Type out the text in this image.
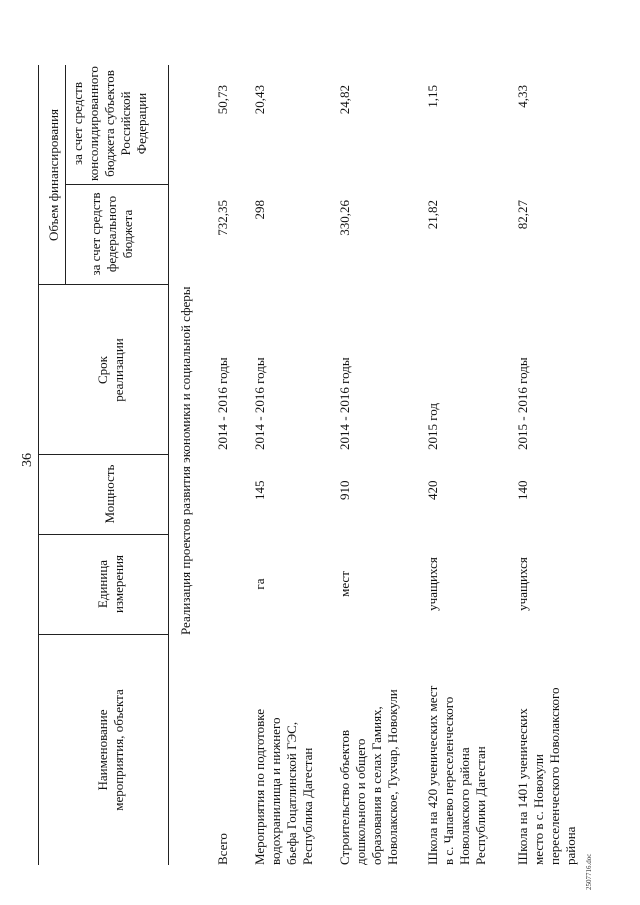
36
Наименование
мероприятия, объекта
Единица
измерения
Мощность
Срок
реализации
Объем финансирования
за счет средств
федерального
бюджета
за счет средств
консолидированного
бюджета субъектов
Российской Федерации
Реализация проектов развития экономики и социальной сферы
Всего
2014 - 2016 годы
732,35
50,73
Мероприятия по подготовке
водохранилища и нижнего
бьефа Гоцатлинской ГЭС,
Республика Дагестан
га
145
2014 - 2016 годы
298
20,43
Строительство объектов
дошкольного и общего
образования в селах Гамиях,
Новолакское, Тухчар, Новокули
мест
910
2014 - 2016 годы
330,26
24,82
Школа на 420 ученических мест
в с. Чапаево переселенческого
Новолакского района
Республики Дагестан
учащихся
420
2015 год
21,82
1,15
Школа на 1401 ученических
место в с. Новокули
переселенческого Новолакского
района
учащихся
140
2015 - 2016 годы
82,27
4,33
2507716.doc
